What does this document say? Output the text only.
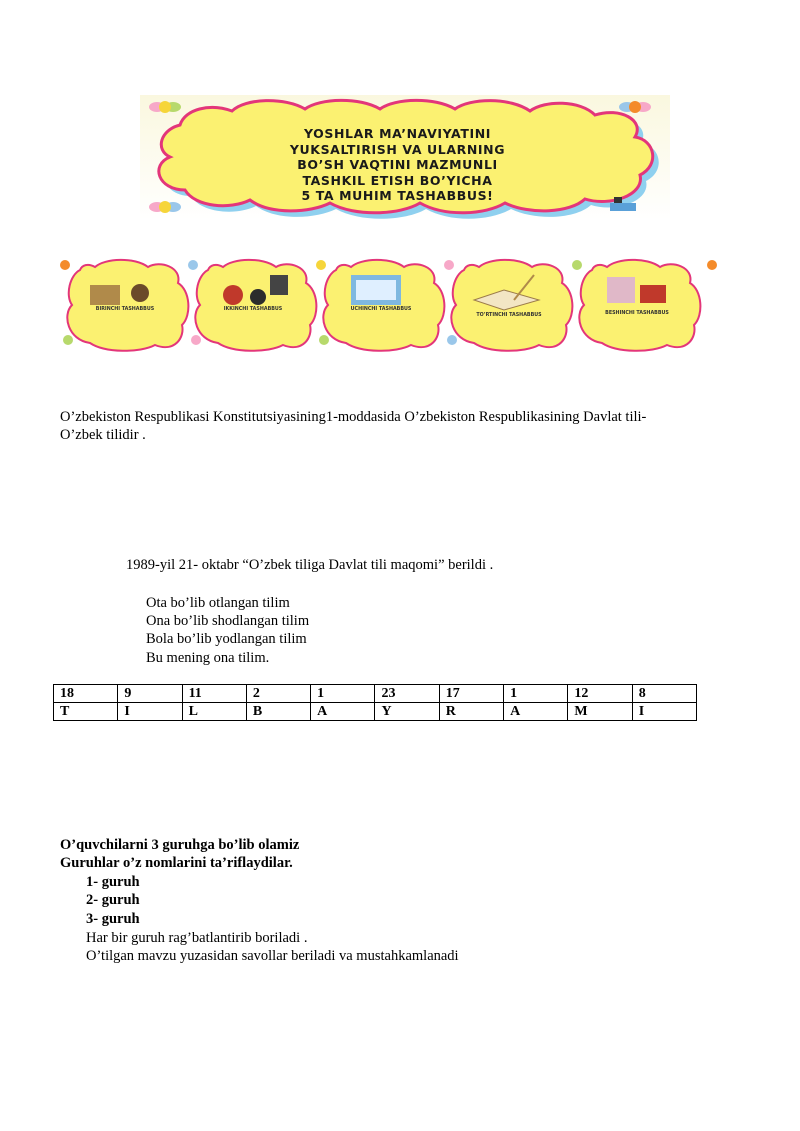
YOSHLAR MA’NAVIYATINI
YUKSALTIRISH VA ULARNING
BO’SH VAQTINI MAZMUNLI
TASHKIL ETISH BO’YICHA
5 TA MUHIM TASHABBUS!
BIRINCHI TASHABBUS	IKKINCHI TASHABBUS	UCHINCHI TASHABBUS
TO’RTINCHI TASHABBUS	BESHINCHI TASHABBUS
O’zbekiston Respublikasi Konstitutsiyasining1-moddasida O’zbekiston Respublikasining Davlat tili-
O’zbek tilidir .
1989-yil 21- oktabr “O’zbek tiliga Davlat tili maqomi” berildi .
Ota bo’lib otlangan tilim
Ona bo’lib shodlangan tilim
Bola bo’lib yodlangan tilim
Bu mening ona tilim.
18	9	11	2	1	23	17	1	12	8
T	I	L	B	A	Y	R	A	M	I
O’quvchilarni 3 guruhga bo’lib olamiz
Guruhlar o’z nomlarini ta’riflaydilar.
1- guruh
2- guruh
3- guruh
Har bir guruh rag’batlantirib boriladi .
O’tilgan mavzu yuzasidan savollar beriladi va mustahkamlanadi
